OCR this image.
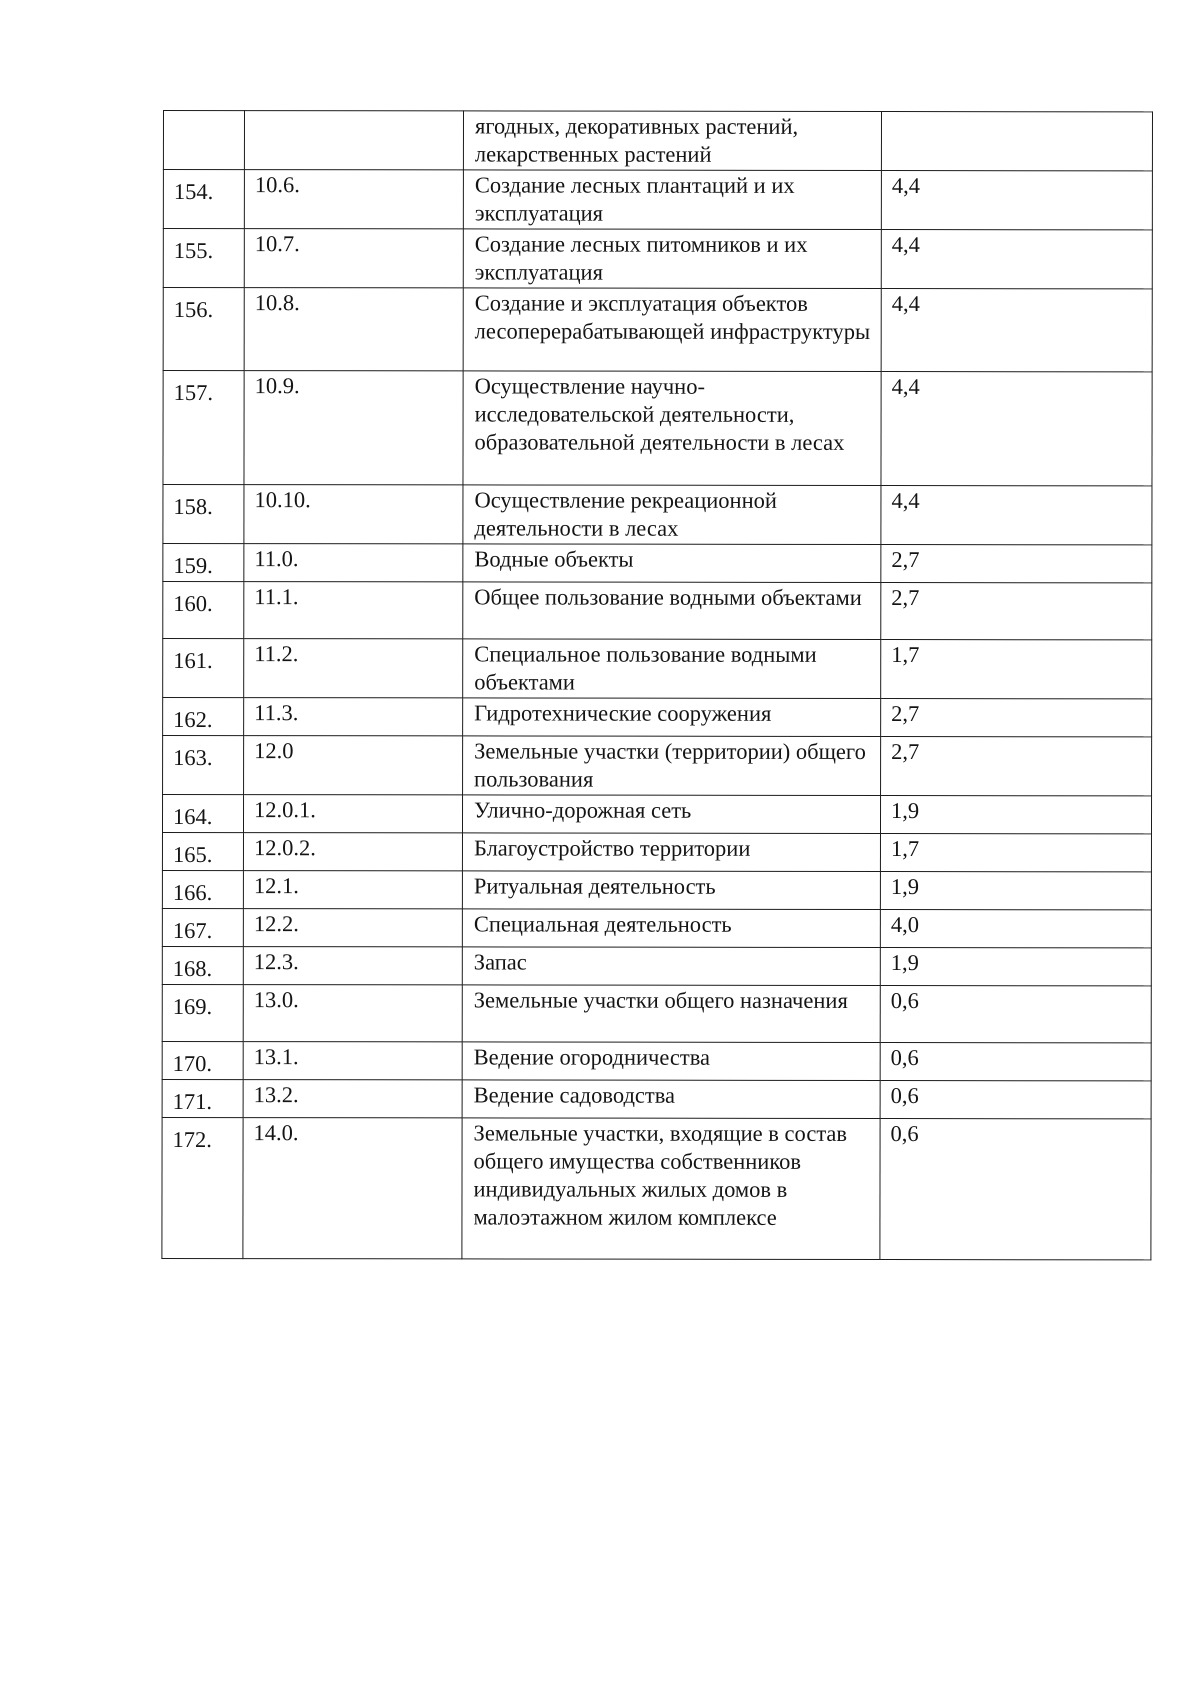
		ягодных, декоративных растений, лекарственных растений	
154.	10.6.	Создание лесных плантаций и их эксплуатация	4,4
155.	10.7.	Создание лесных питомников и их эксплуатация	4,4
156.	10.8.	Создание и эксплуатация объектов лесоперерабатывающей инфраструктуры	4,4
157.	10.9.	Осуществление научно-исследовательской деятельности, образовательной деятельности в лесах	4,4
158.	10.10.	Осуществление рекреационной деятельности в лесах	4,4
159.	11.0.	Водные объекты	2,7
160.	11.1.	Общее пользование водными объектами	2,7
161.	11.2.	Специальное пользование водными объектами	1,7
162.	11.3.	Гидротехнические сооружения	2,7
163.	12.0	Земельные участки (территории) общего пользования	2,7
164.	12.0.1.	Улично-дорожная сеть	1,9
165.	12.0.2.	Благоустройство территории	1,7
166.	12.1.	Ритуальная деятельность	1,9
167.	12.2.	Специальная деятельность	4,0
168.	12.3.	Запас	1,9
169.	13.0.	Земельные участки общего назначения	0,6
170.	13.1.	Ведение огородничества	0,6
171.	13.2.	Ведение садоводства	0,6
172.	14.0.	Земельные участки, входящие в состав общего имущества собственников индивидуальных жилых домов в малоэтажном жилом комплексе	0,6
